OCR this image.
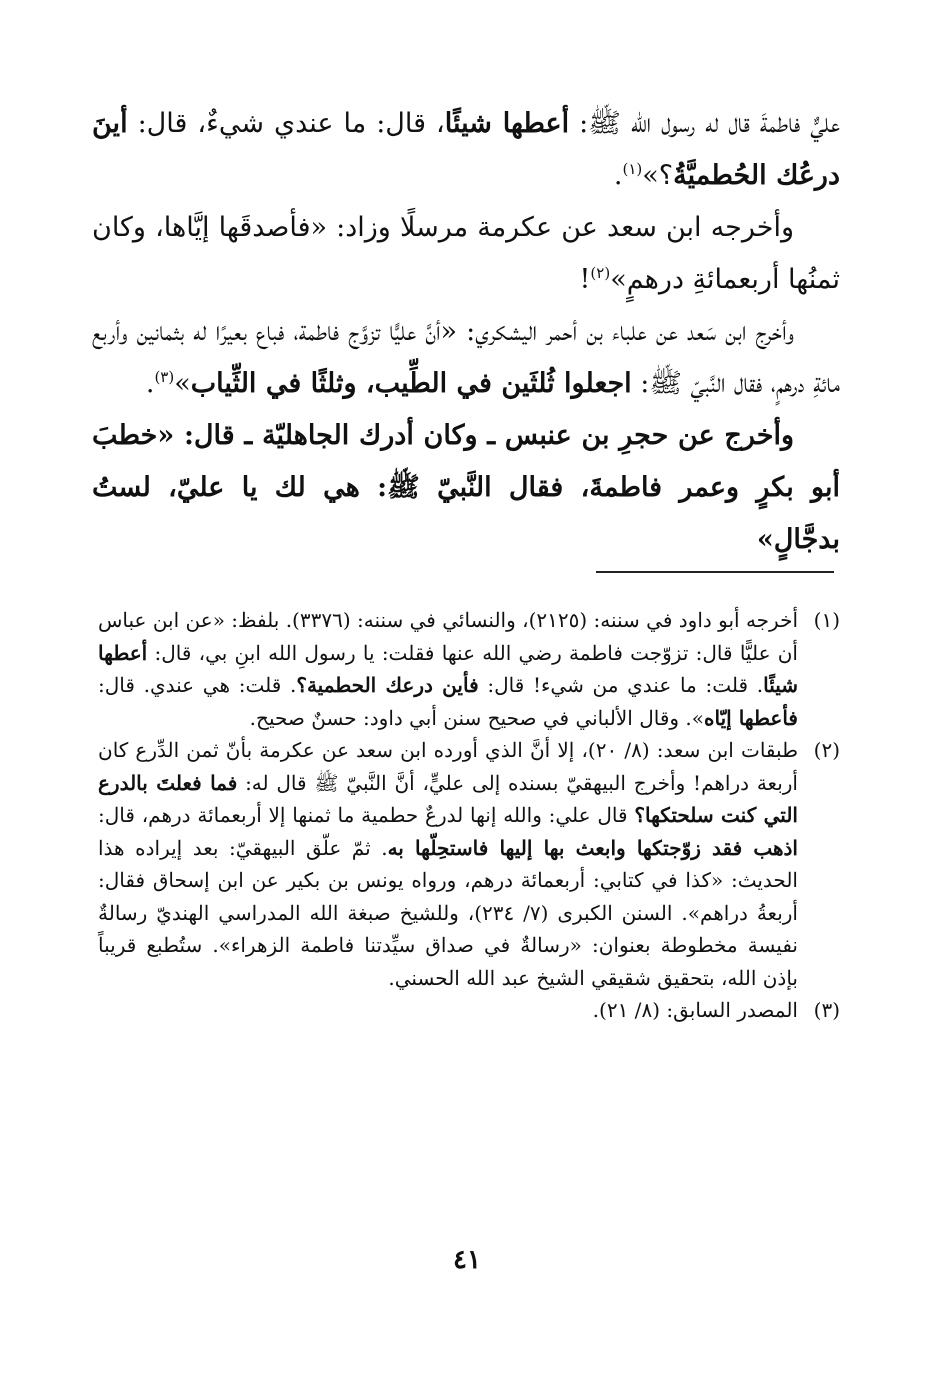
عليٌّ فاطمةَ قال له رسول الله ﷺ: أعطها شيئًا، قال: ما عندي شيءٌ، قال: أينَ درعُك الحُطميَّةُ؟»$^{(١)}$.

وأخرجه ابن سعد عن عكرمة مرسلًا وزاد: «فأصدقَها إيَّاها، وكان ثمنُها أربعمائةِ درهمٍ»$^{(٢)}$!

وأخرج ابن سَعد عن علباء بن أحمر اليشكري: «أنَّ عليًّا تزوَّج فاطمة، فباع بعيرًا له بثمانين وأربع مائةِ درهمٍ، فقال النَّبيّ ﷺ: اجعلوا ثُلثَين في الطِّيب، وثلثًا في الثِّياب»$^{(٣)}$.

وأخرج عن حجرِ بن عنبس ـ وكان أدرك الجاهليّة ـ قال: «خطبَ أبو بكرٍ وعمر فاطمةَ، فقال النَّبيّ ﷺ: هي لك يا عليّ، لستُ بدجَّالٍ»

(١)
أخرجه أبو داود في سننه: (٢١٢٥)، والنسائي في سننه: (٣٣٧٦). بلفظ: «عن ابن عباس أن عليًّا قال: تزوّجت فاطمة رضي الله عنها فقلت: يا رسول الله ابنِ بي، قال: أعطها شيئًا. قلت: ما عندي من شيء! قال: فأين درعك الحطمية؟. قلت: هي عندي. قال: فأعطها إيّاه». وقال الألباني في صحيح سنن أبي داود: حسنٌ صحيح.
(٢)
طبقات ابن سعد: (٨/ ٢٠)، إلا أنَّ الذي أورده ابن سعد عن عكرمة بأنّ ثمن الدِّرع كان أربعة دراهم! وأخرج البيهقيّ بسنده إلى عليٍّ، أنَّ النَّبيّ ﷺ قال له: فما فعلتَ بالدرع التي كنت سلحتكها؟ قال علي: والله إنها لدرعٌ حطمية ما ثمنها إلا أربعمائة درهم، قال: اذهب فقد زوّجتكها وابعث بها إليها فاستحِلّها به. ثمّ علّق البيهقيّ: بعد إيراده هذا الحديث: «كذا في كتابي: أربعمائة درهم، ورواه يونس بن بكير عن ابن إسحاق فقال: أربعةُ دراهم». السنن الكبرى (٧/ ٢٣٤)، وللشيخ صبغة الله المدراسي الهنديّ رسالةٌ نفيسة مخطوطة بعنوان: «رسالةٌ في صداق سيِّدتنا فاطمة الزهراء». ستُطبع قريباً بإذن الله، بتحقيق شقيقي الشيخ عبد الله الحسني.
(٣)
المصدر السابق: (٨/ ٢١).
٤١
